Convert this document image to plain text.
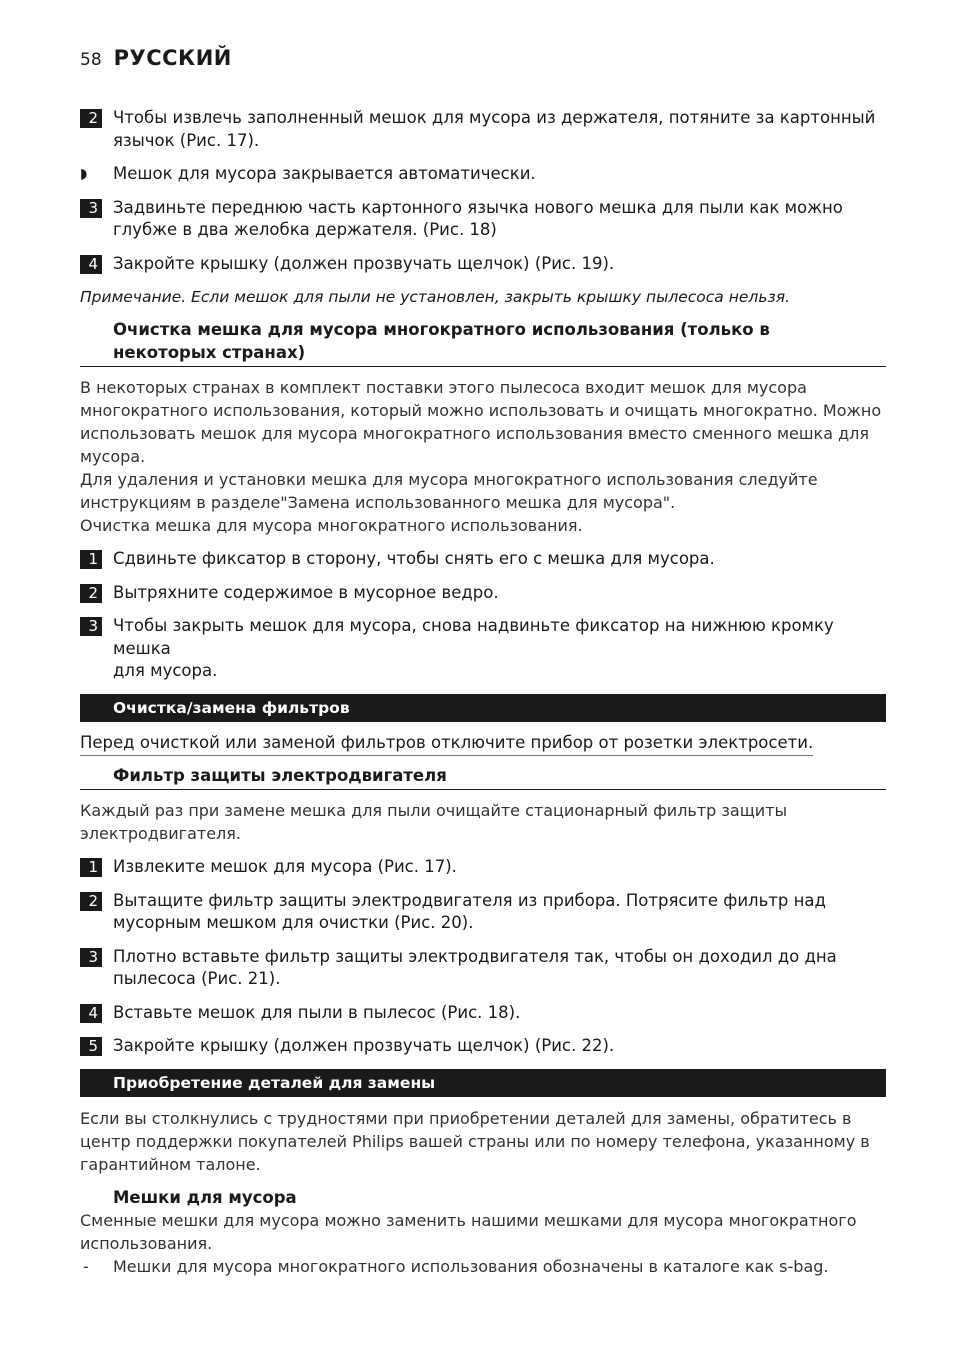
58 РУССКИЙ
2 Чтобы извлечь заполненный мешок для мусора из держателя, потяните за картонный
язычок (Рис. 17).
◗ Мешок для мусора закрывается автоматически.
3 Задвиньте переднюю часть картонного язычка нового мешка для пыли как можно
глубже в два желобка держателя. (Рис. 18)
4 Закройте крышку (должен прозвучать щелчок) (Рис. 19).

Примечание. Если мешок для пыли не установлен, закрыть крышку пылесоса нельзя.

Очистка мешка для мусора многократного использования (только в
некоторых странах)

В некоторых странах в комплект поставки этого пылесоса входит мешок для мусора
многократного использования, который можно использовать и очищать многократно. Можно
использовать мешок для мусора многократного использования вместо сменного мешка для
мусора.
Для удаления и установки мешка для мусора многократного использования следуйте
инструкциям в разделе"Замена использованного мешка для мусора".
Очистка мешка для мусора многократного использования.

1 Сдвиньте фиксатор в сторону, чтобы снять его с мешка для мусора.
2 Вытряхните содержимое в мусорное ведро.
3 Чтобы закрыть мешок для мусора, снова надвиньте фиксатор на нижнюю кромку мешка
для мусора.
Очистка/замена фильтров
Перед очисткой или заменой фильтров отключите прибор от розетки электросети.
Фильтр защиты электродвигателя

Каждый раз при замене мешка для пыли очищайте стационарный фильтр защиты
электродвигателя.

1 Извлеките мешок для мусора (Рис. 17).
2 Вытащите фильтр защиты электродвигателя из прибора. Потрясите фильтр над
мусорным мешком для очистки (Рис. 20).
3 Плотно вставьте фильтр защиты электродвигателя так, чтобы он доходил до дна
пылесоса (Рис. 21).
4 Вставьте мешок для пыли в пылесос (Рис. 18).
5 Закройте крышку (должен прозвучать щелчок) (Рис. 22).
Приобретение деталей для замены

Если вы столкнулись с трудностями при приобретении деталей для замены, обратитесь в
центр поддержки покупателей Philips вашей страны или по номеру телефона, указанному в
гарантийном талоне.

Мешки для мусора

Сменные мешки для мусора можно заменить нашими мешками для мусора многократного
использования.

- Мешки для мусора многократного использования обозначены в каталоге как s-bag.
